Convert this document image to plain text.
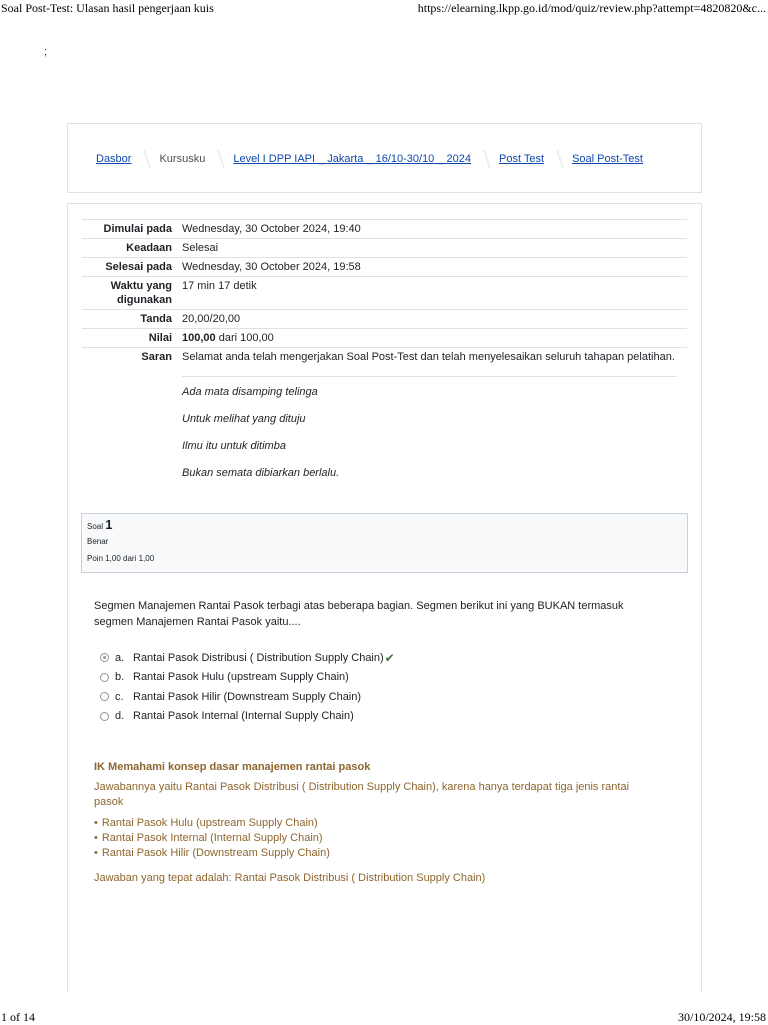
Soal Post-Test: Ulasan hasil pengerjaan kuis	https://elearning.lkpp.go.id/mod/quiz/review.php?attempt=4820820&c...
;
Dasbor	Kursusku	Level I DPP IAPI _ Jakarta _ 16/10-30/10 _ 2024	Post Test	Soal Post-Test
Dimulai pada Wednesday, 30 October 2024, 19:40
Keadaan Selesai
Selesai pada Wednesday, 30 October 2024, 19:58
Waktu yang digunakan
17 min 17 detik
Tanda 20,00/20,00
Nilai 100,00 dari 100,00
Saran Selamat anda telah mengerjakan Soal Post-Test dan telah menyelesaikan seluruh tahapan pelatihan.

Ada mata disamping telinga

Untuk melihat yang dituju

Ilmu itu untuk ditimba

Bukan semata dibiarkan berlalu.

Soal 1
Benar
Poin 1,00 dari 1,00
Segmen Manajemen Rantai Pasok terbagi atas beberapa bagian. Segmen berikut ini yang BUKAN termasuk segmen Manajemen Rantai Pasok yaitu....
a. Rantai Pasok Distribusi ( Distribution Supply Chain) ✔
b. Rantai Pasok Hulu (upstream Supply Chain)
c. Rantai Pasok Hilir (Downstream Supply Chain)
d. Rantai Pasok Internal (Internal Supply Chain)

IK Memahami konsep dasar manajemen rantai pasok

Jawabannya yaitu Rantai Pasok Distribusi ( Distribution Supply Chain), karena hanya terdapat tiga jenis rantai pasok

• Rantai Pasok Hulu (upstream Supply Chain)
• Rantai Pasok Internal (Internal Supply Chain)
• Rantai Pasok Hilir (Downstream Supply Chain)

Jawaban yang tepat adalah: Rantai Pasok Distribusi ( Distribution Supply Chain)

1 of 14	30/10/2024, 19:58
